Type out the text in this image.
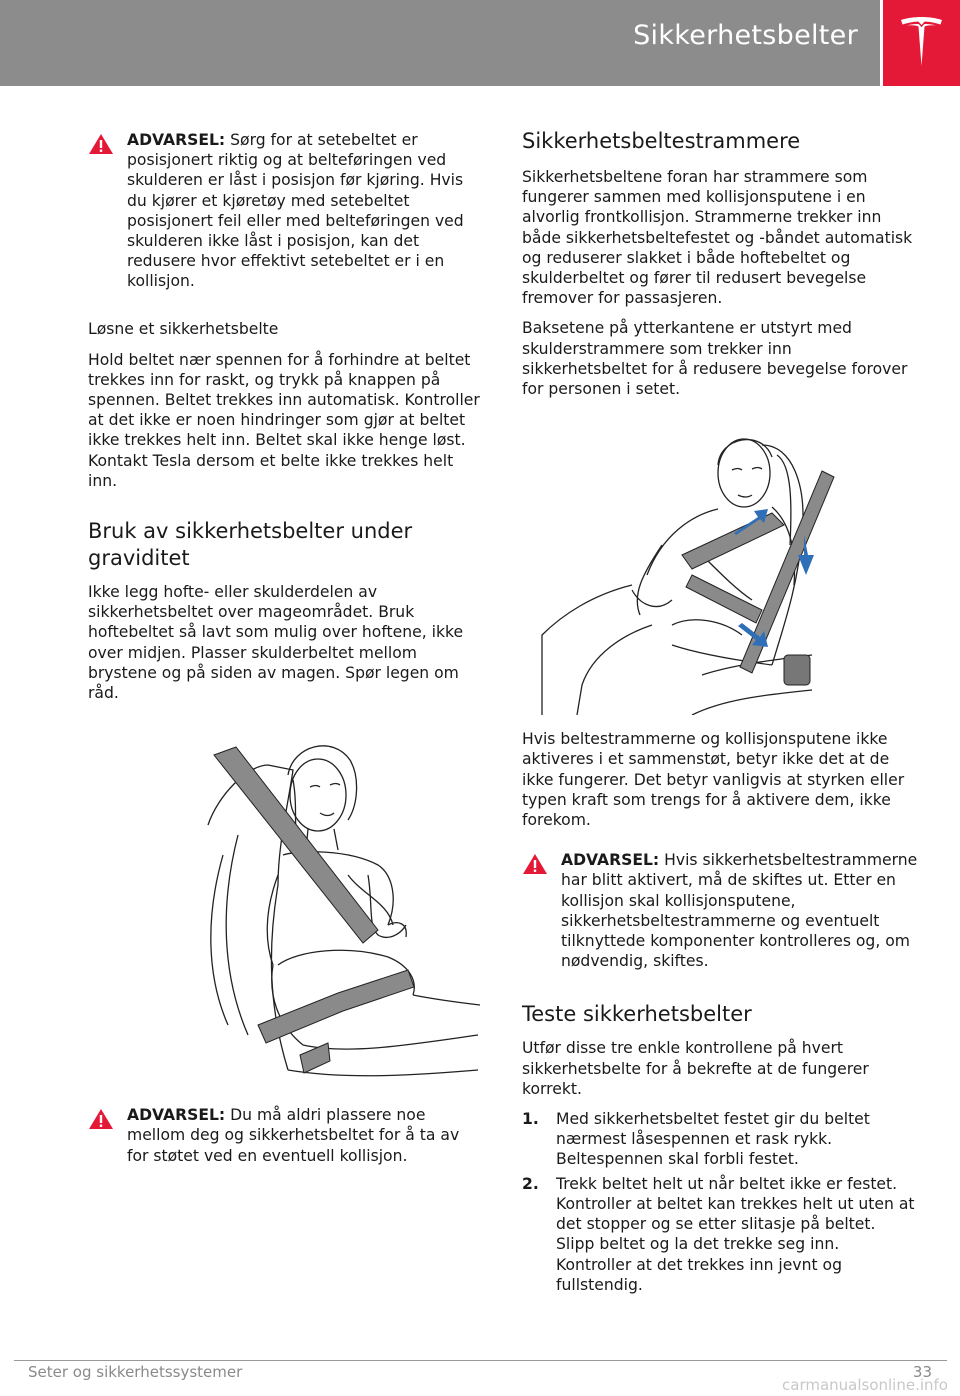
Sikkerhetsbelter
ADVARSEL: Sørg for at setebeltet er posisjonert riktig og at belteføringen ved skulderen er låst i posisjon før kjøring. Hvis du kjører et kjøretøy med setebeltet posisjonert feil eller med belteføringen ved skulderen ikke låst i posisjon, kan det redusere hvor effektivt setebeltet er i en kollisjon.
Løsne et sikkerhetsbelte

Hold beltet nær spennen for å forhindre at beltet trekkes inn for raskt, og trykk på knappen på spennen. Beltet trekkes inn automatisk. Kontroller at det ikke er noen hindringer som gjør at beltet ikke trekkes helt inn. Beltet skal ikke henge løst. Kontakt Tesla dersom et belte ikke trekkes helt inn.

Bruk av sikkerhetsbelter under graviditet

Ikke legg hofte- eller skulderdelen av sikkerhetsbeltet over mageområdet. Bruk hoftebeltet så lavt som mulig over hoftene, ikke over midjen. Plasser skulderbeltet mellom brystene og på siden av magen. Spør legen om råd.

ADVARSEL: Du må aldri plassere noe mellom deg og sikkerhetsbeltet for å ta av for støtet ved en eventuell kollisjon.
Sikkerhetsbeltestrammere

Sikkerhetsbeltene foran har strammere som fungerer sammen med kollisjonsputene i en alvorlig frontkollisjon. Strammerne trekker inn både sikkerhetsbeltefestet og -båndet automatisk og reduserer slakket i både hoftebeltet og skulderbeltet og fører til redusert bevegelse fremover for passasjeren.

Baksetene på ytterkantene er utstyrt med skulderstrammere som trekker inn sikkerhetsbeltet for å redusere bevegelse forover for personen i setet.

Hvis beltestrammerne og kollisjonsputene ikke aktiveres i et sammenstøt, betyr ikke det at de ikke fungerer. Det betyr vanligvis at styrken eller typen kraft som trengs for å aktivere dem, ikke forekom.

ADVARSEL: Hvis sikkerhetsbeltestrammerne har blitt aktivert, må de skiftes ut. Etter en kollisjon skal kollisjonsputene, sikkerhetsbeltestrammerne og eventuelt tilknyttede komponenter kontrolleres og, om nødvendig, skiftes.
Teste sikkerhetsbelter

Utfør disse tre enkle kontrollene på hvert sikkerhetsbelte for å bekrefte at de fungerer korrekt.

1. Med sikkerhetsbeltet festet gir du beltet nærmest låsespennen et rask rykk. Beltespennen skal forbli festet.
2. Trekk beltet helt ut når beltet ikke er festet. Kontroller at beltet kan trekkes helt ut uten at det stopper og se etter slitasje på beltet. Slipp beltet og la det trekke seg inn. Kontroller at det trekkes inn jevnt og fullstendig.
Seter og sikkerhetssystemer	33
carmanualsonline.info
